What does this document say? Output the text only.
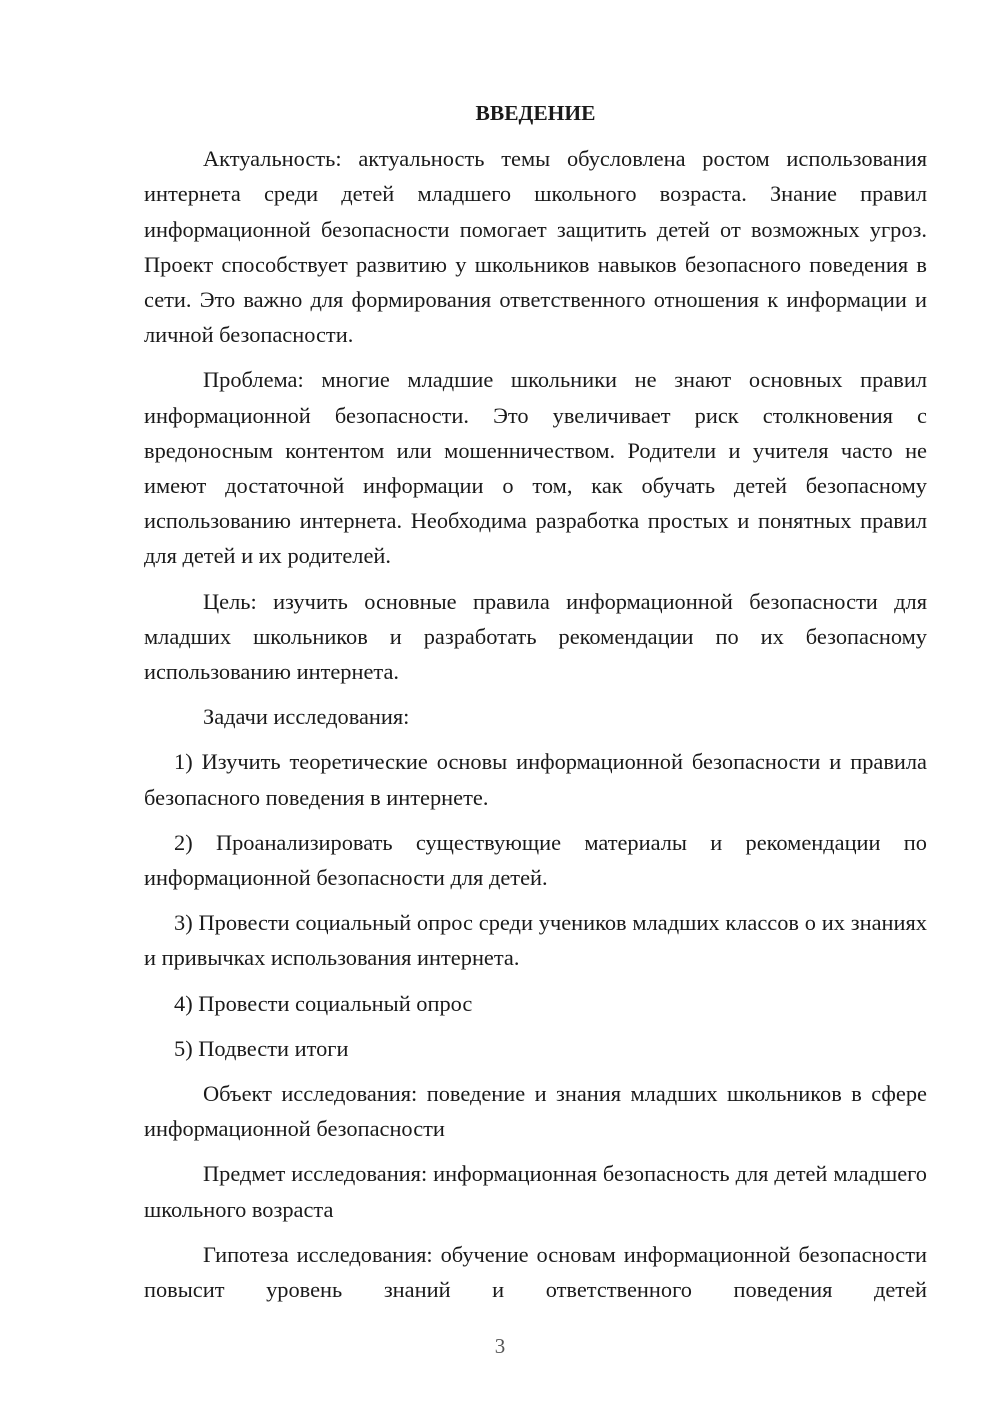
ВВЕДЕНИЕ

Актуальность: актуальность темы обусловлена ростом использования интернета среди детей младшего школьного возраста. Знание правил информационной безопасности помогает защитить детей от возможных угроз. Проект способствует развитию у школьников навыков безопасного поведения в сети. Это важно для формирования ответственного отношения к информации и личной безопасности.

Проблема: многие младшие школьники не знают основных правил информационной безопасности. Это увеличивает риск столкновения с вредоносным контентом или мошенничеством. Родители и учителя часто не имеют достаточной информации о том, как обучать детей безопасному использованию интернета. Необходима разработка простых и понятных правил для детей и их родителей.

Цель: изучить основные правила информационной безопасности для младших школьников и разработать рекомендации по их безопасному использованию интернета.

Задачи исследования:

1) Изучить теоретические основы информационной безопасности и правила безопасного поведения в интернете.

2) Проанализировать существующие материалы и рекомендации по информационной безопасности для детей.

3) Провести социальный опрос среди учеников младших классов о их знаниях и привычках использования интернета.

4) Провести социальный опрос

5) Подвести итоги

Объект исследования: поведение и знания младших школьников в сфере информационной безопасности

Предмет исследования: информационная безопасность для детей младшего школьного возраста

Гипотеза исследования: обучение основам информационной безопасности повысит уровень знаний и ответственного поведения детей

3
